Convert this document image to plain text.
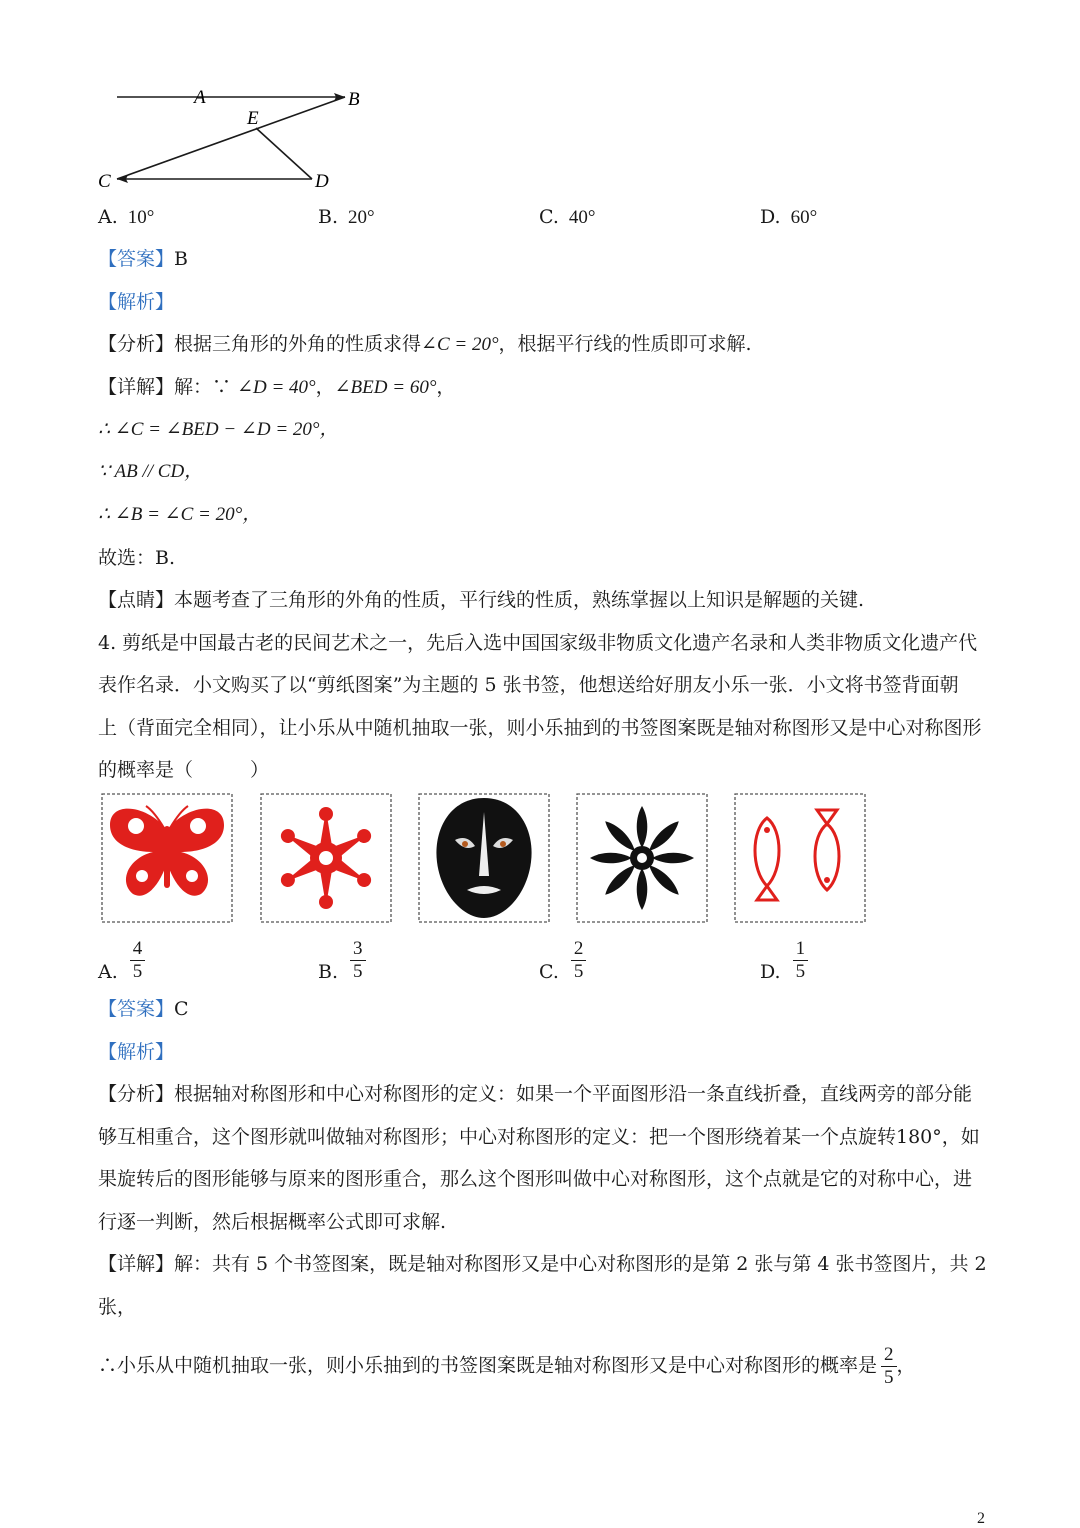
A	B
E
C	D
A. 10°	B. 20°	C. 40°	D. 60°
【答案】B
【解析】
【分析】根据三角形的外角的性质求得∠C = 20°，根据平行线的性质即可求解.
【详解】解：∵ ∠D = 40°，∠BED = 60°，
∴ ∠C = ∠BED − ∠D = 20°，
∵ AB // CD，
∴ ∠B = ∠C = 20°，
故选：B.
【点睛】本题考查了三角形的外角的性质，平行线的性质，熟练掌握以上知识是解题的关键.
4. 剪纸是中国最古老的民间艺术之一，先后入选中国国家级非物质文化遗产名录和人类非物质文化遗产代
表作名录．小文购买了以“剪纸图案”为主题的 5 张书签，他想送给好朋友小乐一张．小文将书签背面朝
上（背面完全相同），让小乐从中随机抽取一张，则小乐抽到的书签图案既是轴对称图形又是中心对称图形
的概率是（　　　）
A. $\frac{4}{5}$	B. $\frac{3}{5}$	C. $\frac{2}{5}$	D. $\frac{1}{5}$
【答案】C
【解析】
【分析】根据轴对称图形和中心对称图形的定义：如果一个平面图形沿一条直线折叠，直线两旁的部分能
够互相重合，这个图形就叫做轴对称图形；中心对称图形的定义：把一个图形绕着某一个点旋转180°，如
果旋转后的图形能够与原来的图形重合，那么这个图形叫做中心对称图形，这个点就是它的对称中心，进
行逐一判断，然后根据概率公式即可求解.
【详解】解：共有 5 个书签图案，既是轴对称图形又是中心对称图形的是第 2 张与第 4 张书签图片，共 2
张，
∴小乐从中随机抽取一张，则小乐抽到的书签图案既是轴对称图形又是中心对称图形的概率是 $\frac{2}{5}$ ，
2
